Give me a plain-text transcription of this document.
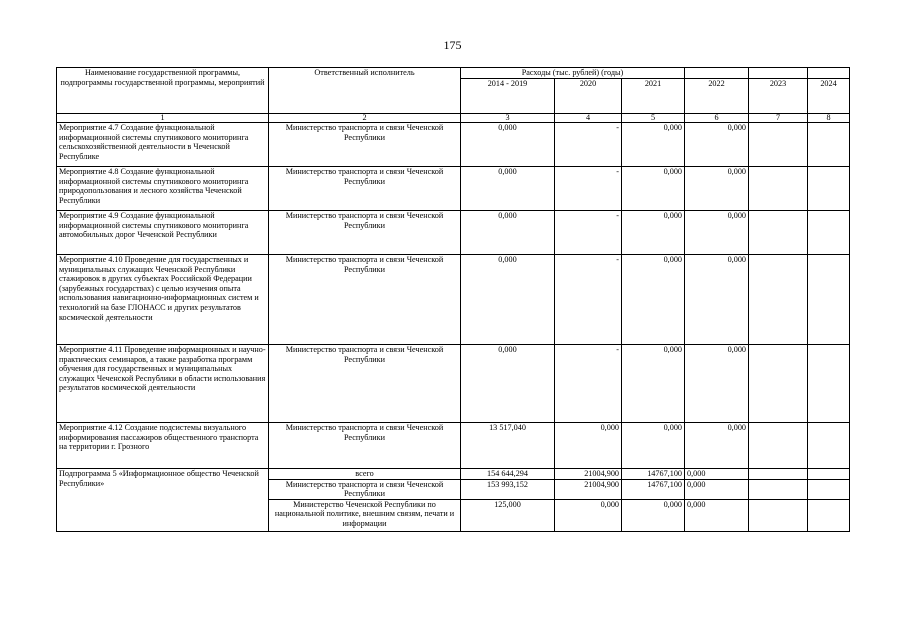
175
Наименование государственной программы, подпрограммы государственной программы, мероприятий	Ответственный исполнитель	Расходы (тыс. рублей) (годы)					
		2014 - 2019	2020	2021	2022	2023	2024
1	2	3	4	5	6	7	8
Мероприятие 4.7 Создание функциональной информационной системы спутникового мониторинга сельскохозяйственной деятельности в Чеченской Республике	Министерство транспорта и связи Чеченской Республики	0,000	-	0,000	0,000		
Мероприятие 4.8 Создание функциональной информационной системы спутникового мониторинга природопользования и лесного хозяйства Чеченской Республики	Министерство транспорта и связи Чеченской Республики	0,000	-	0,000	0,000		
Мероприятие 4.9 Создание функциональной информационной системы спутникового мониторинга автомобильных дорог Чеченской Республики	Министерство транспорта и связи Чеченской Республики	0,000	-	0,000	0,000		
Мероприятие 4.10 Проведение для государственных и муниципальных служащих Чеченской Республики стажировок в других субъектах Российской Федерации (зарубежных государствах) с целью изучения опыта использования навигационно-информационных систем и технологий на базе ГЛОНАСС и других результатов космической деятельности	Министерство транспорта и связи Чеченской Республики	0,000	-	0,000	0,000		
Мероприятие 4.11 Проведение информационных и научно-практических семинаров, а также разработка программ обучения для государственных и муниципальных служащих Чеченской Республики в области использования результатов космической деятельности	Министерство транспорта и связи Чеченской Республики	0,000	-	0,000	0,000		
Мероприятие 4.12 Создание подсистемы визуального информирования пассажиров общественного транспорта на территории г. Грозного	Министерство транспорта и связи Чеченской Республики	13 517,040	0,000	0,000	0,000		
Подпрограмма 5 «Информационное общество Чеченской Республики»	всего	154 644,294	21004,900	14767,100	0,000		
	Министерство транспорта и связи Чеченской Республики	153 993,152	21004,900	14767,100	0,000		
	Министерство Чеченской Республики по национальной политике, внешним связям, печати и информации	125,000	0,000	0,000	0,000		
